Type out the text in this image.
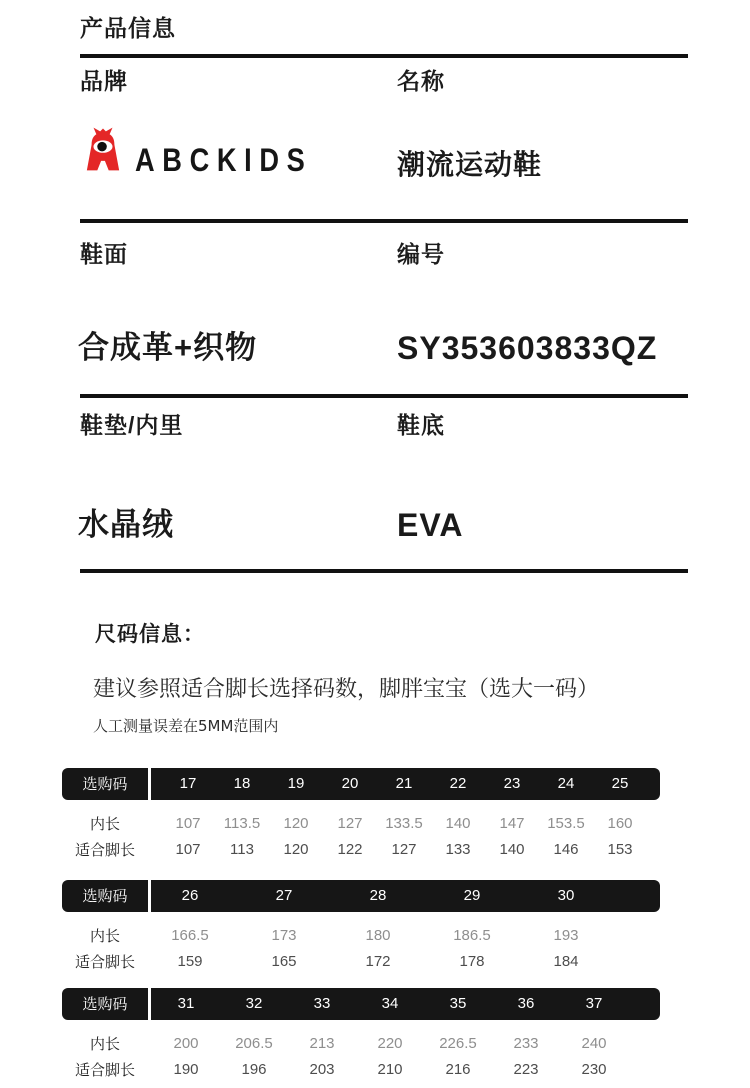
产品信息
品牌	名称
ABCKIDS	潮流运动鞋
鞋面	编号
合成革+织物	SY353603833QZ
鞋垫/内里	鞋底
水晶绒	EVA
尺码信息：
建议参照适合脚长选择码数，脚胖宝宝（选大一码）
人工测量误差在5MM范围内
选购码	17	18	19	20	21	22	23	24	25
内长	107	113.5	120	127	133.5	140	147	153.5	160
适合脚长	107	113	120	122	127	133	140	146	153
选购码	26	27	28	29	30
内长	166.5	173	180	186.5	193
适合脚长	159	165	172	178	184
选购码	31	32	33	34	35	36	37
内长	200	206.5	213	220	226.5	233	240
适合脚长	190	196	203	210	216	223	230
